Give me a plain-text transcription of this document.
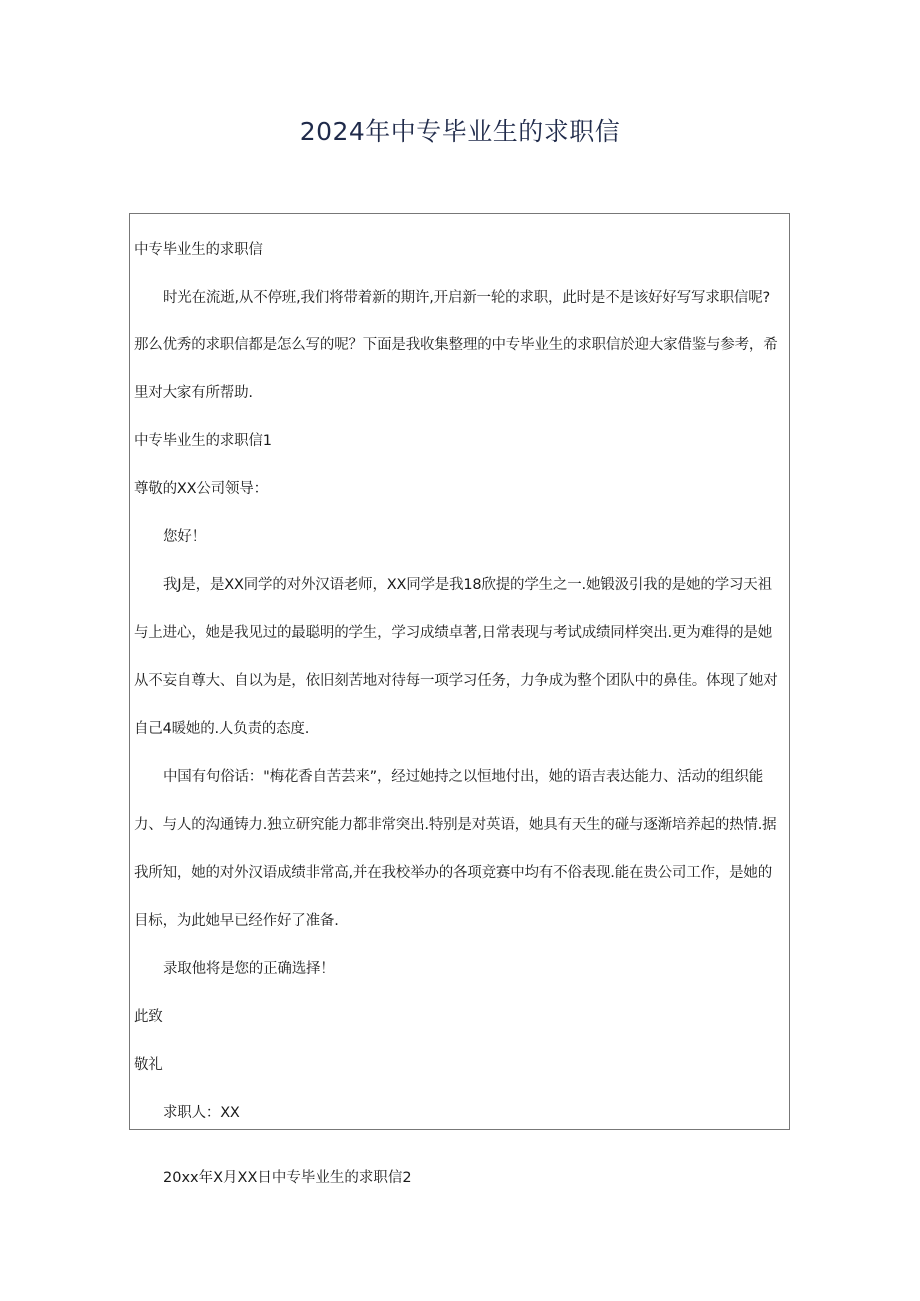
2024年中专毕业生的求职信
中专毕业生的求职信
时光在流逝,从不停班,我们将带着新的期许,开启新一轮的求职，此时是不是该好好写写求职信呢?
那么优秀的求职信都是怎么写的呢？下面是我收集整理的中专毕业生的求职信於迎大家借鉴与参考，希
里对大家有所帮助.
中专毕业生的求职信1
尊敬的XX公司领导：
您好！
我J是，是XX同学的对外汉语老师，XX同学是我18欣提的学生之一.她锻汲引我的是她的学习天祖
与上进心，她是我见过的最聪明的学生，学习成绩卓著,日常表现与考试成绩同样突出.更为难得的是她
从不妄自尊大、自以为是，依旧刻苦地对待每一项学习任务，力争成为整个团队中的鼻佳。体现了她对
自己4暖她的.人负责的态度.
中国有句俗话："梅花香自苦芸来”，经过她持之以恒地付出，她的语吉表达能力、活动的组织能
力、与人的沟通铸力.独立研究能力都非常突出.特别是对英语，她具有天生的碰与逐渐培养起的热情.据
我所知，她的对外汉语成绩非常高,并在我校举办的各项竞赛中均有不俗表现.能在贵公司工作，是她的
目标，为此她早已经作好了准备.
录取他将是您的正确选择！
此致
敬礼
求职人：XX
20xx年X月XX日中专毕业生的求职信2
